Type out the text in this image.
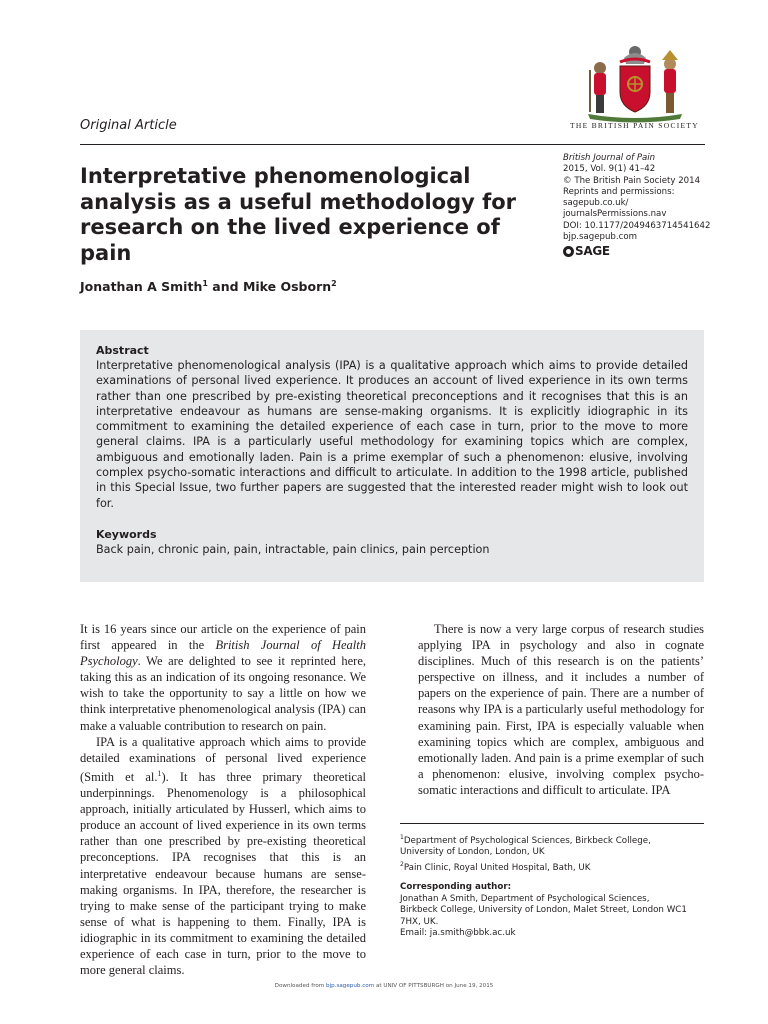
Original Article	THE BRITISH PAIN SOCIETY
Interpretative phenomenological
analysis as a useful methodology for
research on the lived experience of pain
British Journal of Pain
2015, Vol. 9(1) 41–42
© The British Pain Society 2014
Reprints and permissions:
sagepub.co.uk/
journalsPermissions.nav
DOI: 10.1177/2049463714541642
bjp.sagepub.com
SAGE
Jonathan A Smith$^1$ and Mike Osborn$^2$
Abstract

Interpretative phenomenological analysis (IPA) is a qualitative approach which aims to provide detailed examinations of personal lived experience. It produces an account of lived experience in its own terms rather than one prescribed by pre-existing theoretical preconceptions and it recognises that this is an interpretative endeavour as humans are sense-making organisms. It is explicitly idiographic in its commitment to examining the detailed experience of each case in turn, prior to the move to more general claims. IPA is a particularly useful methodology for examining topics which are complex, ambiguous and emotionally laden. Pain is a prime exemplar of such a phenomenon: elusive, involving complex psycho-somatic interactions and difficult to articulate. In addition to the 1998 article, published in this Special Issue, two further papers are suggested that the interested reader might wish to look out for.

Keywords

Back pain, chronic pain, pain, intractable, pain clinics, pain perception

It is 16 years since our article on the experience of pain first appeared in the British Journal of Health Psychology. We are delighted to see it reprinted here, taking this as an indication of its ongoing resonance. We wish to take the opportunity to say a little on how we think interpretative phenomenological analysis (IPA) can make a valuable contribution to research on pain.

IPA is a qualitative approach which aims to provide detailed examinations of personal lived experience (Smith et al.$^1$). It has three primary theoretical underpinnings. Phenomenology is a philosophical approach, initially articulated by Husserl, which aims to produce an account of lived experience in its own terms rather than one prescribed by pre-existing theoretical preconceptions. IPA recognises that this is an interpretative endeavour because humans are sense-making organisms. In IPA, therefore, the researcher is trying to make sense of the participant trying to make sense of what is happening to them. Finally, IPA is idiographic in its commitment to examining the detailed experience of each case in turn, prior to the move to more general claims.

There is now a very large corpus of research studies applying IPA in psychology and also in cognate disciplines. Much of this research is on the patients’ perspective on illness, and it includes a number of papers on the experience of pain. There are a number of reasons why IPA is a particularly useful methodology for examining pain. First, IPA is especially valuable when examining topics which are complex, ambiguous and emotionally laden. And pain is a prime exemplar of such a phenomenon: elusive, involving complex psycho-somatic interactions and difficult to articulate. IPA

$^1$Department of Psychological Sciences, Birkbeck College,
University of London, London, UK
$^2$Pain Clinic, Royal United Hospital, Bath, UK
Corresponding author:
Jonathan A Smith, Department of Psychological Sciences,
Birkbeck College, University of London, Malet Street, London WC1
7HX, UK.
Email: ja.smith@bbk.ac.uk
Downloaded from bjp.sagepub.com at UNIV OF PITTSBURGH on June 19, 2015
